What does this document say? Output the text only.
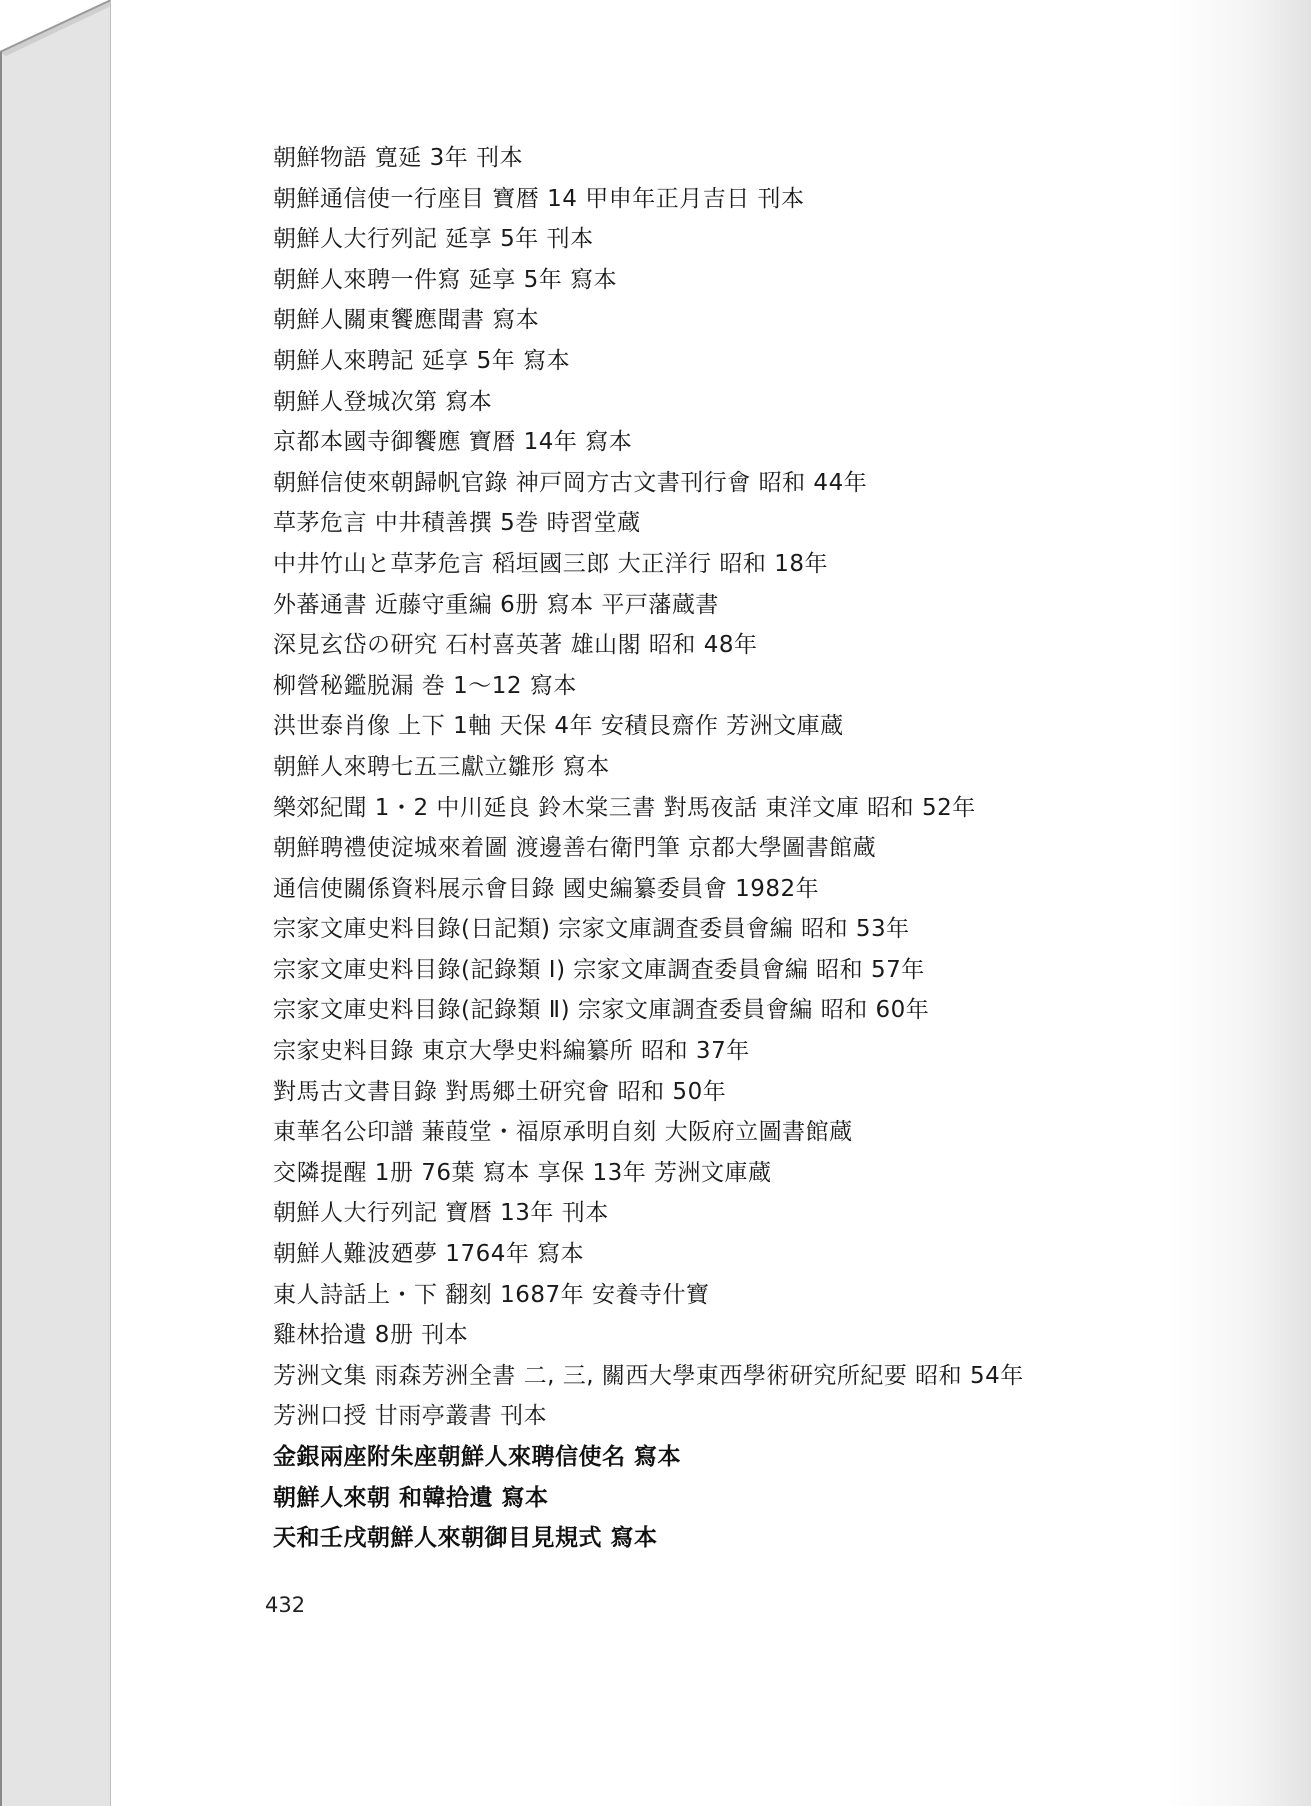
朝鮮物語 寛延 3年 刊本
朝鮮通信使一行座目 寶暦 14 甲申年正月吉日 刊本
朝鮮人大行列記 延享 5年 刊本
朝鮮人來聘一件寫 延享 5年 寫本
朝鮮人關東饗應聞書 寫本
朝鮮人來聘記 延享 5年 寫本
朝鮮人登城次第 寫本
京都本國寺御饗應 寶暦 14年 寫本
朝鮮信使來朝歸帆官錄 神戸岡方古文書刊行會 昭和 44年
草茅危言 中井積善撰 5巻 時習堂蔵
中井竹山と草茅危言 稻垣國三郎 大正洋行 昭和 18年
外蕃通書 近藤守重編 6册 寫本 平戸藩蔵書
深見玄岱の研究 石村喜英著 雄山閣 昭和 48年
柳營秘鑑脱漏 巻 1〜12 寫本
洪世泰肖像 上下 1軸 天保 4年 安積艮齋作 芳洲文庫蔵
朝鮮人來聘七五三獻立雛形 寫本
樂郊紀聞 1・2 中川延良 鈴木棠三書 對馬夜話 東洋文庫 昭和 52年
朝鮮聘禮使淀城來着圖 渡邊善右衛門筆 京都大學圖書館蔵
通信使關係資料展示會目錄 國史編纂委員會 1982年
宗家文庫史料目錄(日記類) 宗家文庫調査委員會編 昭和 53年
宗家文庫史料目錄(記錄類 Ⅰ) 宗家文庫調査委員會編 昭和 57年
宗家文庫史料目錄(記錄類 Ⅱ) 宗家文庫調査委員會編 昭和 60年
宗家史料目錄 東京大學史料編纂所 昭和 37年
對馬古文書目錄 對馬郷土研究會 昭和 50年
東華名公印譜 蒹葭堂・福原承明自刻 大阪府立圖書館蔵
交隣提醒 1册 76葉 寫本 享保 13年 芳洲文庫蔵
朝鮮人大行列記 寶暦 13年 刊本
朝鮮人難波廼夢 1764年 寫本
東人詩話上・下 翻刻 1687年 安養寺什寶
雞林拾遺 8册 刊本
芳洲文集 雨森芳洲全書 二, 三, 關西大學東西學術研究所紀要 昭和 54年
芳洲口授 甘雨亭叢書 刊本
金銀兩座附朱座朝鮮人來聘信使名 寫本
朝鮮人來朝 和韓拾遺 寫本
天和壬戌朝鮮人來朝御目見規式 寫本
432
